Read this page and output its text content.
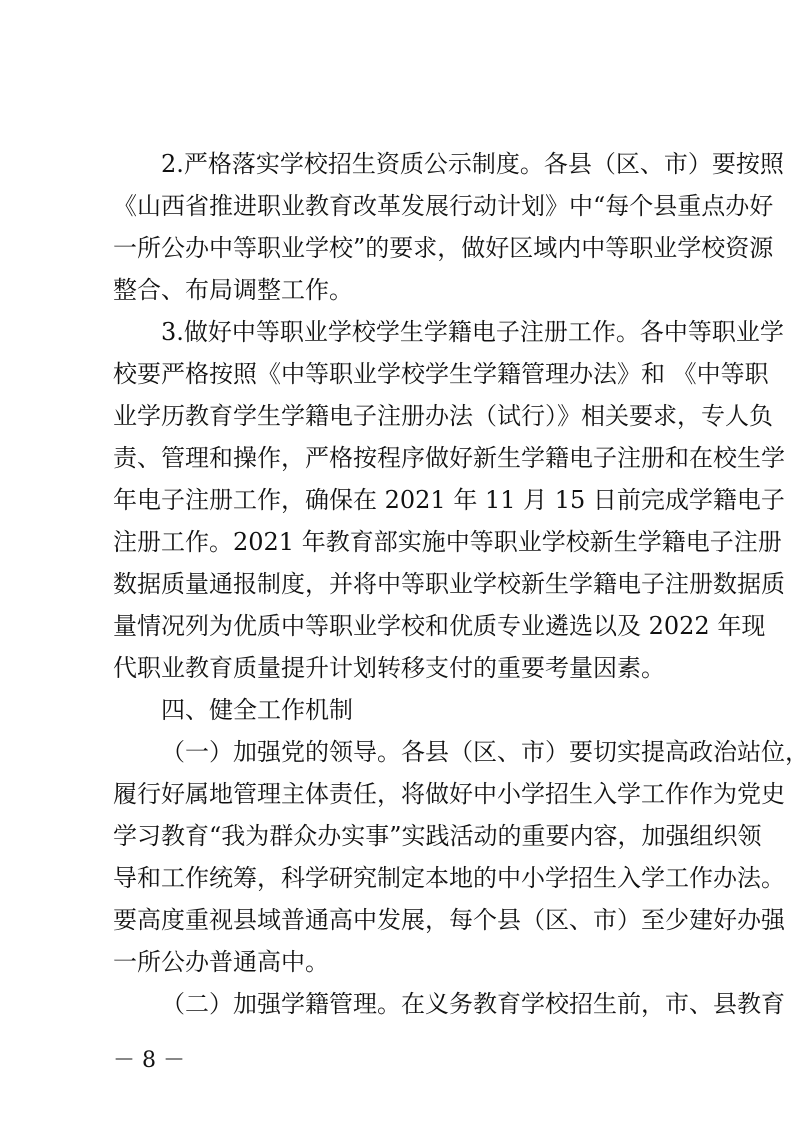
2.严格落实学校招生资质公示制度。各县（区、市）要按照
《山西省推进职业教育改革发展行动计划》中“每个县重点办好
一所公办中等职业学校”的要求，做好区域内中等职业学校资源
整合、布局调整工作。
3.做好中等职业学校学生学籍电子注册工作。各中等职业学
校要严格按照《中等职业学校学生学籍管理办法》和 《中等职
业学历教育学生学籍电子注册办法（试行）》相关要求，专人负
责、管理和操作，严格按程序做好新生学籍电子注册和在校生学
年电子注册工作，确保在 2021 年 11 月 15 日前完成学籍电子
注册工作。2021 年教育部实施中等职业学校新生学籍电子注册
数据质量通报制度，并将中等职业学校新生学籍电子注册数据质
量情况列为优质中等职业学校和优质专业遴选以及 2022 年现
代职业教育质量提升计划转移支付的重要考量因素。
四、健全工作机制
（一）加强党的领导。各县（区、市）要切实提高政治站位，
履行好属地管理主体责任，将做好中小学招生入学工作作为党史
学习教育“我为群众办实事”实践活动的重要内容，加强组织领
导和工作统筹，科学研究制定本地的中小学招生入学工作办法。
要高度重视县域普通高中发展，每个县（区、市）至少建好办强
一所公办普通高中。
（二）加强学籍管理。在义务教育学校招生前，市、县教育
－ 8 －
